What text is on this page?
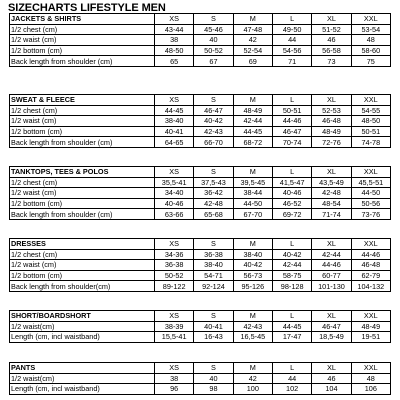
SIZECHARTS LIFESTYLE MEN
JACKETS & SHIRTS	XS	S	M	L	XL	XXL
1/2 chest (cm)	43-44	45-46	47-48	49-50	51-52	53-54
1/2 waist (cm)	38	40	42	44	46	48
1/2 bottom (cm)	48-50	50-52	52-54	54-56	56-58	58-60
Back length from shoulder (cm)	65	67	69	71	73	75
SWEAT & FLEECE	XS	S	M	L	XL	XXL
1/2 chest (cm)	44-45	46-47	48-49	50-51	52-53	54-55
1/2 waist (cm)	38-40	40-42	42-44	44-46	46-48	48-50
1/2 bottom (cm)	40-41	42-43	44-45	46-47	48-49	50-51
Back length from shoulder (cm)	64-65	66-70	68-72	70-74	72-76	74-78
TANKTOPS, TEES & POLOS	XS	S	M	L	XL	XXL
1/2 chest (cm)	35,5-41	37,5-43	39,5-45	41,5-47	43,5-49	45,5-51
1/2 waist (cm)	34-40	36-42	38-44	40-46	42-48	44-50
1/2 bottom (cm)	40-46	42-48	44-50	46-52	48-54	50-56
Back length from shoulder (cm)	63-66	65-68	67-70	69-72	71-74	73-76
DRESSES	XS	S	M	L	XL	XXL
1/2 chest (cm)	34-36	36-38	38-40	40-42	42-44	44-46
1/2 waist (cm)	36-38	38-40	40-42	42-44	44-46	46-48
1/2 bottom (cm)	50-52	54-71	56-73	58-75	60-77	62-79
Back length from shoulder(cm)	89-122	92-124	95-126	98-128	101-130	104-132
SHORT/BOARDSHORT	XS	S	M	L	XL	XXL
1/2 waist(cm)	38-39	40-41	42-43	44-45	46-47	48-49
Length (cm, incl waistband)	15,5-41	16-43	16,5-45	17-47	18,5-49	19-51
PANTS	XS	S	M	L	XL	XXL
1/2 waist(cm)	38	40	42	44	46	48
Length (cm, incl waistband)	96	98	100	102	104	106
